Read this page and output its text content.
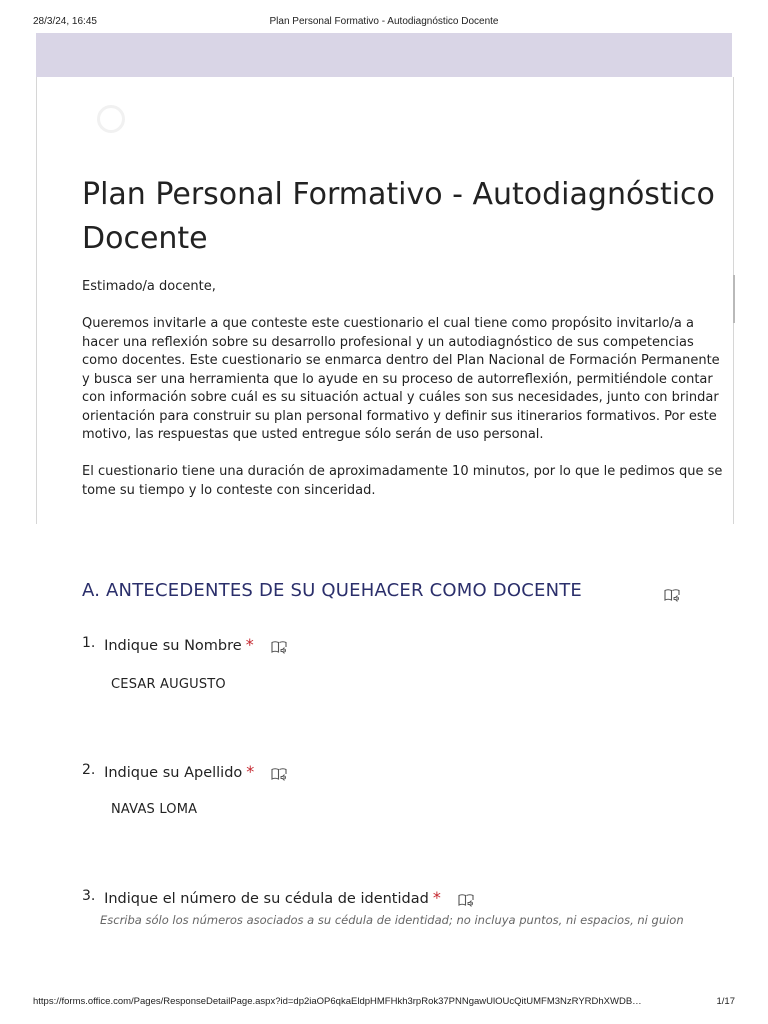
28/3/24, 16:45	Plan Personal Formativo - Autodiagnóstico Docente
Plan Personal Formativo - Autodiagnóstico Docente

Estimado/a docente,

Queremos invitarle a que conteste este cuestionario el cual tiene como propósito invitarlo/a a hacer una reflexión sobre su desarrollo profesional y un autodiagnóstico de sus competencias como docentes. Este cuestionario se enmarca dentro del Plan Nacional de Formación Permanente y busca ser una herramienta que lo ayude en su proceso de autorreflexión, permitiéndole contar con información sobre cuál es su situación actual y cuáles son sus necesidades, junto con brindar orientación para construir su plan personal formativo y definir sus itinerarios formativos. Por este motivo, las respuestas que usted entregue sólo serán de uso personal.

El cuestionario tiene una duración de aproximadamente 10 minutos, por lo que le pedimos que se tome su tiempo y lo conteste con sinceridad.

A. ANTECEDENTES DE SU QUEHACER COMO DOCENTE
1. Indique su Nombre *
CESAR AUGUSTO
2. Indique su Apellido *
NAVAS LOMA
3. Indique el número de su cédula de identidad *
Escriba sólo los números asociados a su cédula de identidad; no incluya puntos, ni espacios, ni guion
https://forms.office.com/Pages/ResponseDetailPage.aspx?id=dp2iaOP6qkaEldpHMFHkh3rpRok37PNNgawUlOUcQitUMFM3NzRYRDhXWDB…	1/17
